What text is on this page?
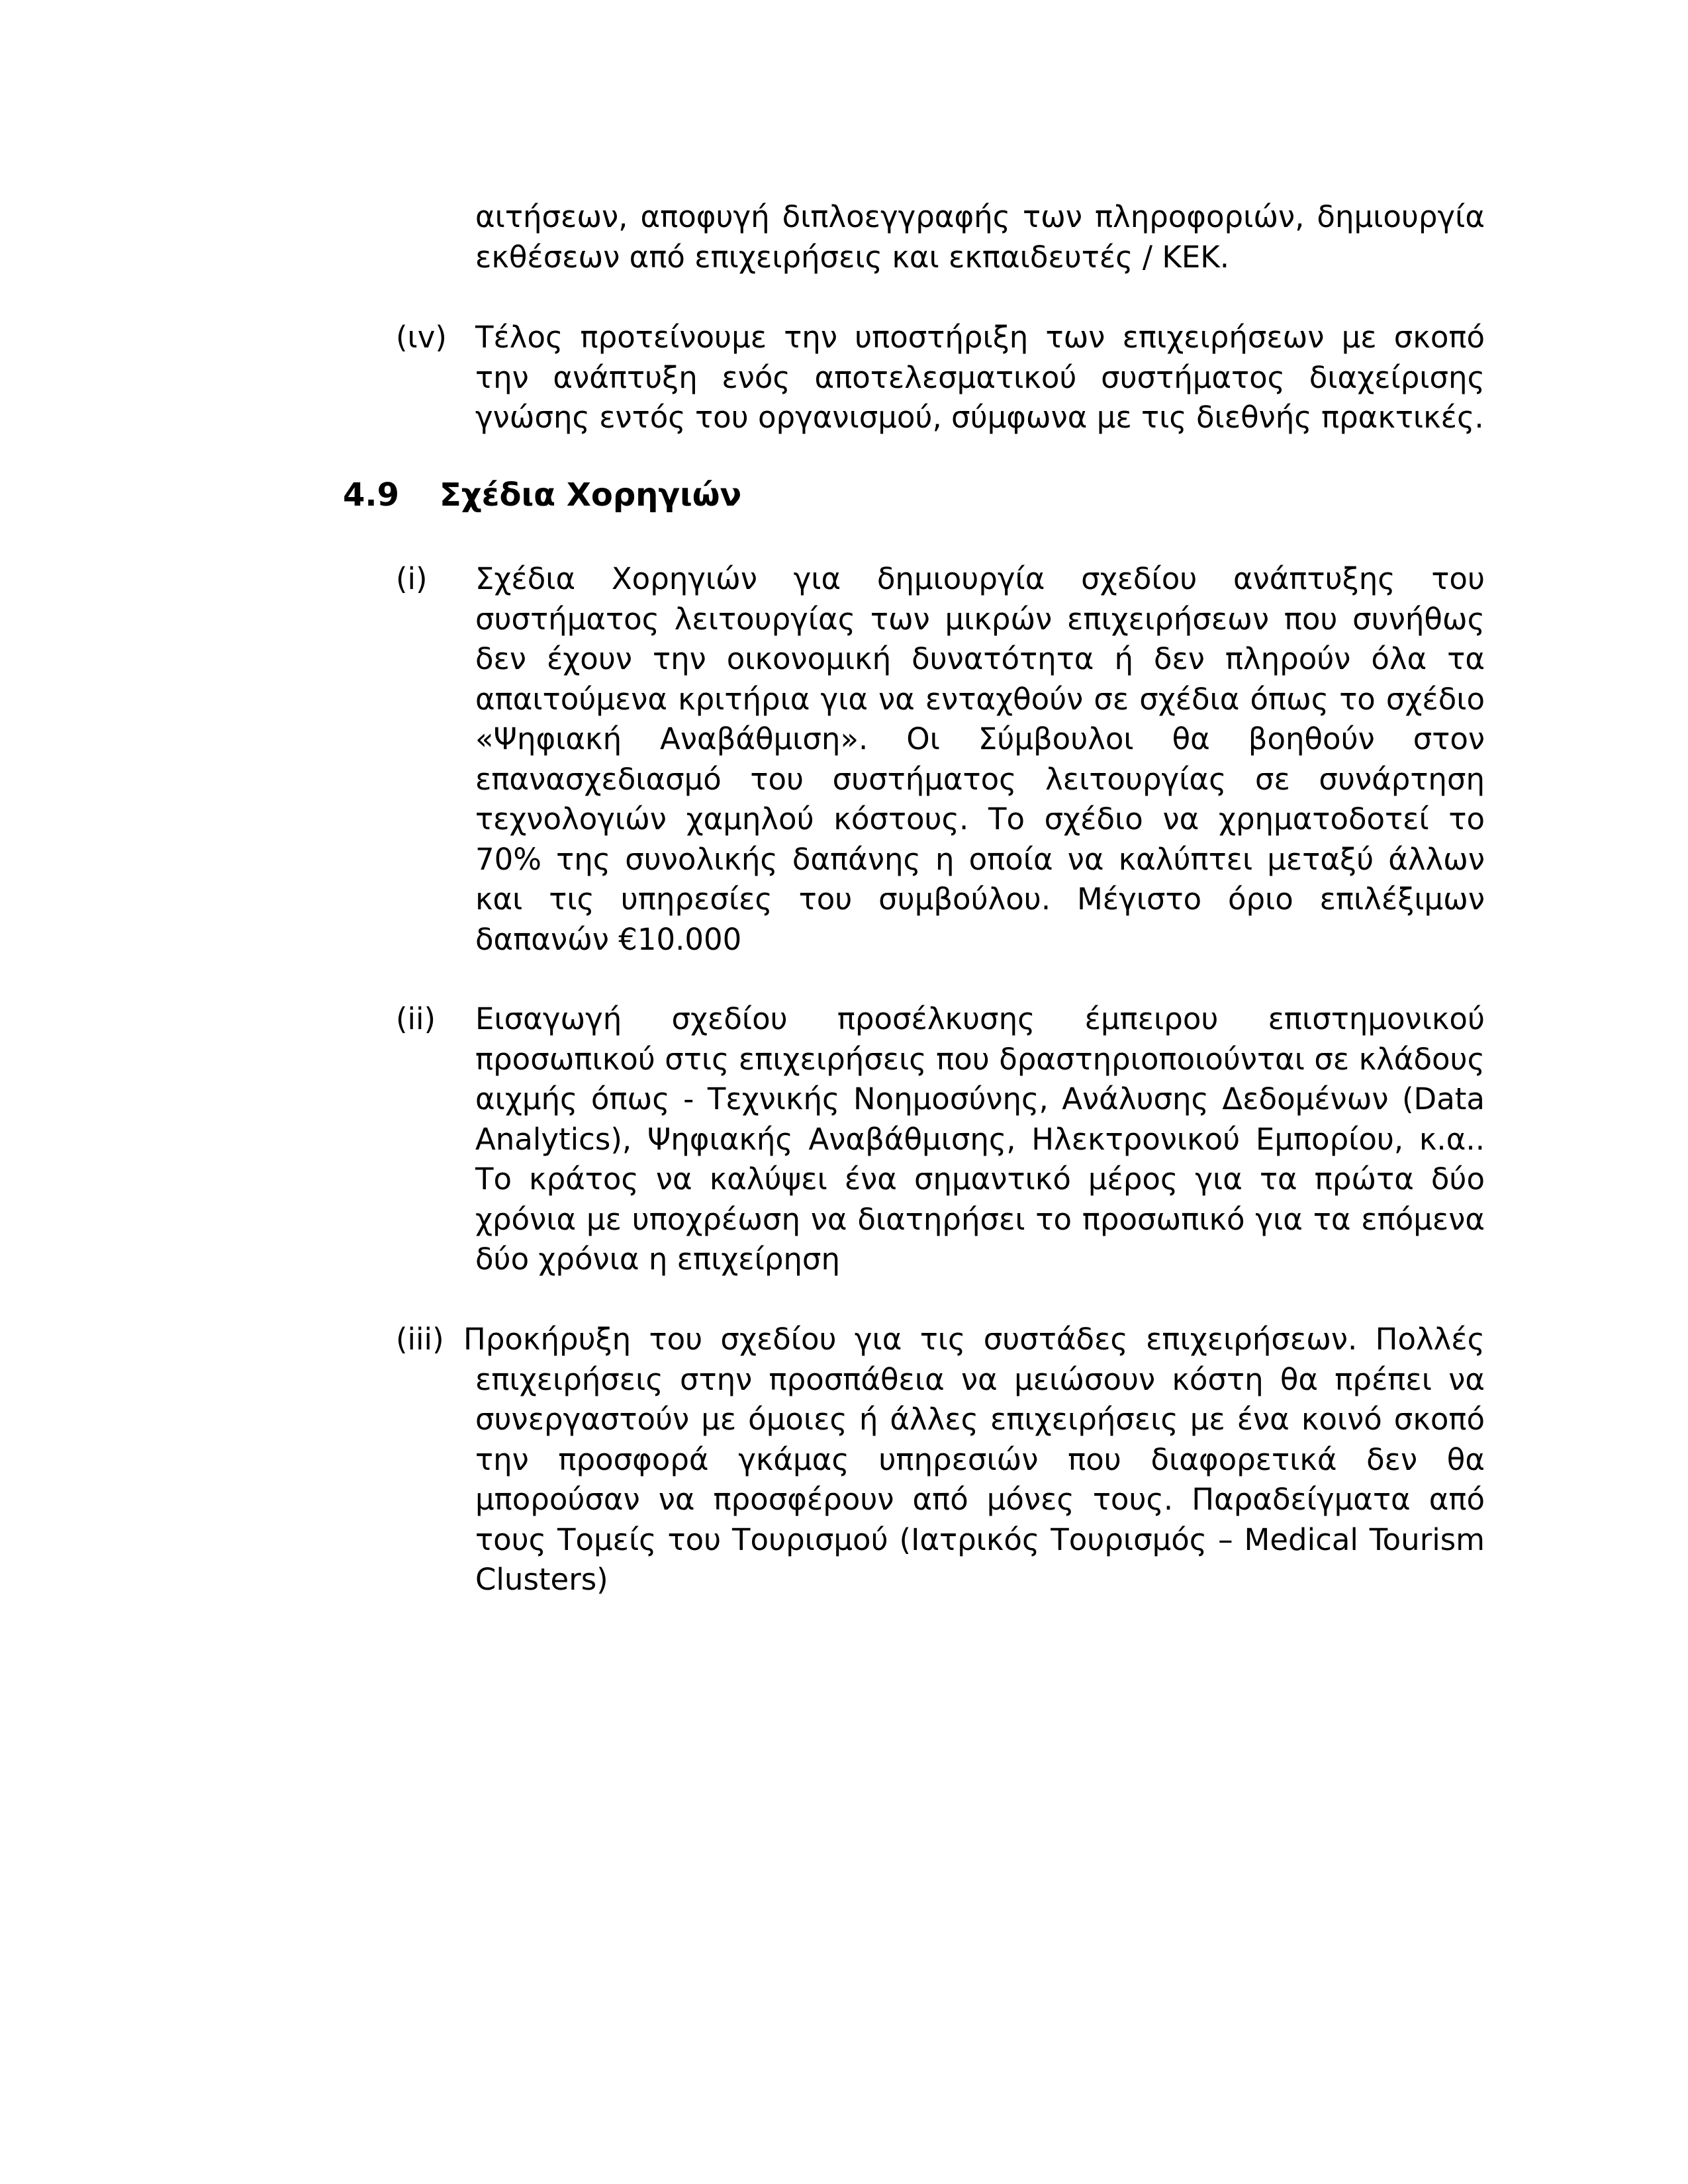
αιτήσεων, αποφυγή διπλοεγγραφής των πληροφοριών, δημιουργία εκθέσεων από επιχειρήσεις και εκπαιδευτές / ΚΕΚ.

(ιv) Τέλος προτείνουμε την υποστήριξη των επιχειρήσεων με σκοπό την ανάπτυξη ενός αποτελεσματικού συστήματος διαχείρισης γνώσης εντός του οργανισμού, σύμφωνα με τις διεθνής πρακτικές.

4.9 Σχέδια Χορηγιών

(i) Σχέδια Χορηγιών για δημιουργία σχεδίου ανάπτυξης του συστήματος λειτουργίας των μικρών επιχειρήσεων που συνήθως δεν έχουν την οικονομική δυνατότητα ή δεν πληρούν όλα τα απαιτούμενα κριτήρια για να ενταχθούν σε σχέδια όπως το σχέδιο «Ψηφιακή Αναβάθμιση». Οι Σύμβουλοι θα βοηθούν στον επανασχεδιασμό του συστήματος λειτουργίας σε συνάρτηση τεχνολογιών χαμηλού κόστους. Το σχέδιο να χρηματοδοτεί το 70% της συνολικής δαπάνης η οποία να καλύπτει μεταξύ άλλων και τις υπηρεσίες του συμβούλου. Μέγιστο όριο επιλέξιμων δαπανών €10.000

(ii) Εισαγωγή σχεδίου προσέλκυσης έμπειρου επιστημονικού προσωπικού στις επιχειρήσεις που δραστηριοποιούνται σε κλάδους αιχμής όπως - Τεχνικής Νοημοσύνης, Ανάλυσης Δεδομένων (Data Analytics), Ψηφιακής Αναβάθμισης, Ηλεκτρονικού Εμπορίου, κ.α.. Το κράτος να καλύψει ένα σημαντικό μέρος για τα πρώτα δύο χρόνια με υποχρέωση να διατηρήσει το προσωπικό για τα επόμενα δύο χρόνια η επιχείρηση

(iii) Προκήρυξη του σχεδίου για τις συστάδες επιχειρήσεων. Πολλές επιχειρήσεις στην προσπάθεια να μειώσουν κόστη θα πρέπει να συνεργαστούν με όμοιες ή άλλες επιχειρήσεις με ένα κοινό σκοπό την προσφορά γκάμας υπηρεσιών που διαφορετικά δεν θα μπορούσαν να προσφέρουν από μόνες τους. Παραδείγματα από τους Τομείς του Τουρισμού (Ιατρικός Τουρισμός – Medical Tourism Clusters)
